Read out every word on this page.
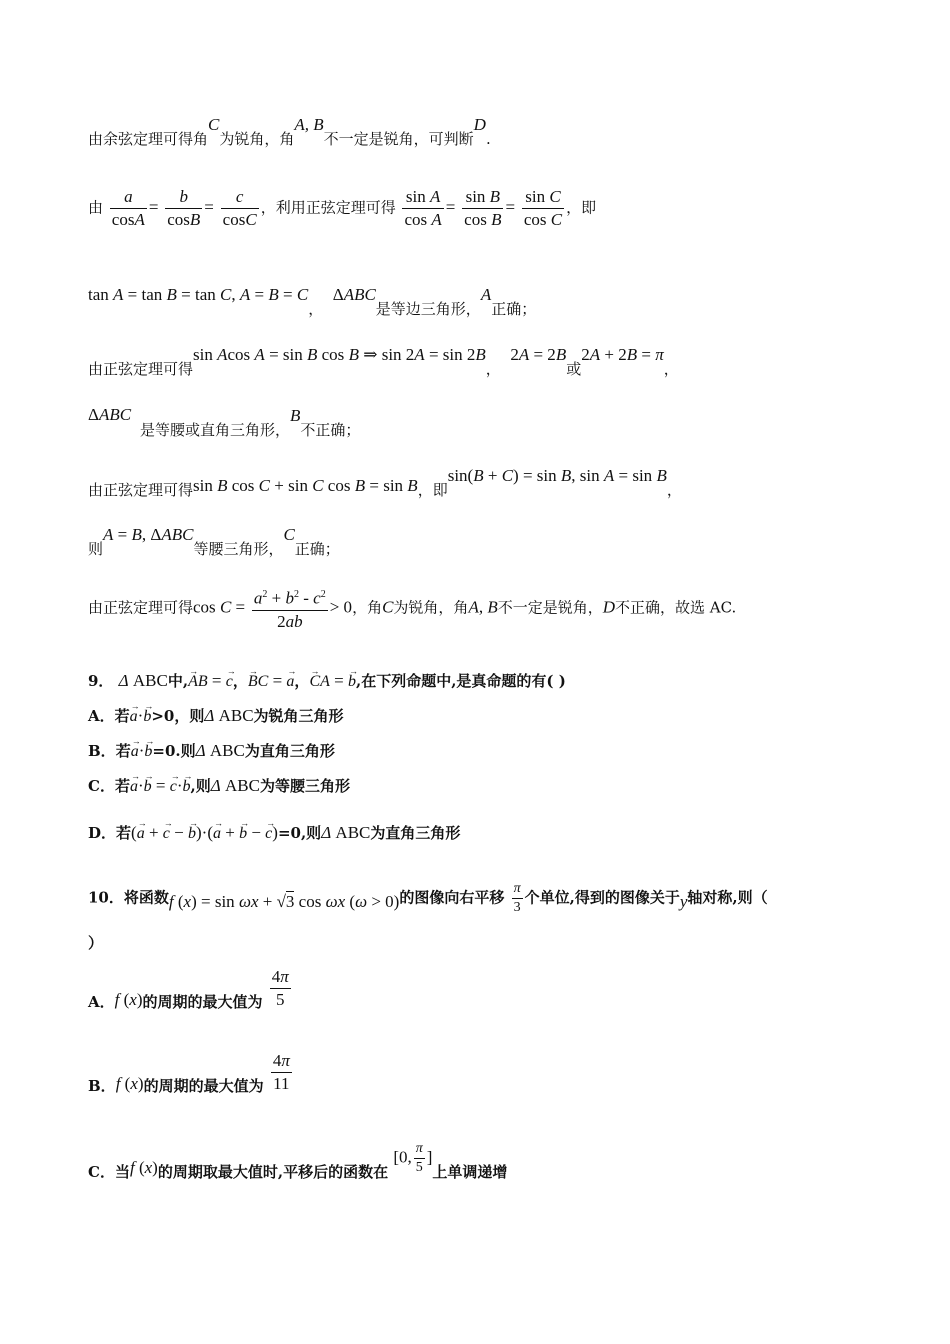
由余弦定理可得角C为锐角，角A, B不一定是锐角，可判断D.
由 $\frac{a}{\cos A} = \frac{b}{\cos B} = \frac{c}{\cos C}$ ，利用正弦定理可得 $\frac{\text{sin A}}{\text{cos A}} = \frac{\text{sin B}}{\text{cos B}} = \frac{\text{sin C}}{\text{cos C}}$ ，即
tan A = tan B = tan C, A = B = C，  ΔABC是等边三角形，A正确；
由正弦定理可得sin Acos A = sin B cos B ⇒ sin 2A = sin 2B，  2A = 2B或2A + 2B = π，
ΔABC
是等腰或直角三角形，B不正确；
由正弦定理可得sin B cos C + sin C cos B = sin B，即sin(B + C) = sin B, sin A = sin B，
则A = B, ΔABC等腰三角形，C正确；
由正弦定理可得$\cos C = \frac{a^2 + b^2 - c^2}{2ab} > 0$，角C为锐角，角A, B不一定是锐角，D不正确，故选 AC.
9． Δ ABC中,→ AB = → c，→ BC = → a，→ CA = → b,在下列命题中,是真命题的有( )
A．若→ a·→ b>0，则Δ ABC为锐角三角形
B．若→ a·→ b=0.则Δ ABC为直角三角形
C．若→ a·→ b = → c·→ b,则Δ ABC为等腰三角形
D．若(→ a + → c − → b)·(→ a + → b − → c)=0,则Δ ABC为直角三角形
10．将函数f (x) = sin ωx + √3 cos ωx (ω > 0)的图像向右平移 $\frac{\pi}{3}$ 个单位,得到的图像关于y轴对称,则（
）
A．f (x)的周期的最大值为 $\frac{4\pi}{5}$
B．f (x)的周期的最大值为 $\frac{4\pi}{11}$
C．当f (x)的周期取最大值时,平移后的函数在 [0, $\frac{\pi}{5}$ ]上单调递增
